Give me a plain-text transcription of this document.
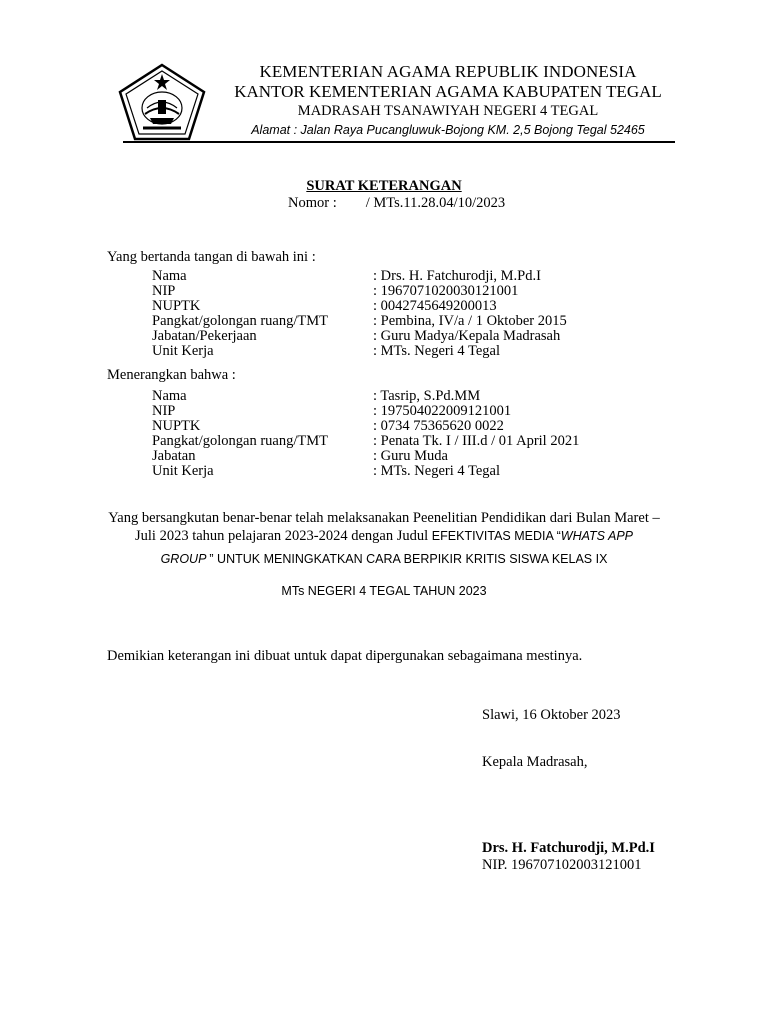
KEMENTERIAN AGAMA REPUBLIK INDONESIA
KANTOR KEMENTERIAN AGAMA KABUPATEN TEGAL
MADRASAH TSANAWIYAH NEGERI 4 TEGAL
Alamat : Jalan Raya Pucangluwuk-Bojong KM. 2,5 Bojong Tegal 52465
SURAT KETERANGAN
Nomor :        / MTs.11.28.04/10/2023
Yang bertanda tangan di bawah ini :
Nama	: Drs. H. Fatchurodji, M.Pd.I
NIP	: 196707102003012100​1
NUPTK	: 0042745649200013
Pangkat/golongan ruang/TMT	: Pembina, IV/a / 1 Oktober 2015
Jabatan/Pekerjaan	: Guru Madya/Kepala Madrasah
Unit Kerja	: MTs. Negeri 4 Tegal
Menerangkan bahwa :
Nama	: Tasrip, S.Pd.MM
NIP	: 197504022009121001
NUPTK	: 0734 75365620 0022
Pangkat/golongan ruang/TMT	: Penata Tk. I / III.d / 01 April 2021
Jabatan	: Guru Muda
Unit Kerja	: MTs. Negeri 4 Tegal
Yang bersangkutan benar-benar telah melaksanakan Peenelitian Pendidikan dari Bulan Maret –
Juli 2023 tahun pelajaran 2023-2024 dengan Judul EFEKTIVITAS MEDIA “WHATS APP
GROUP ” UNTUK MENINGKATKAN CARA BERPIKIR KRITIS SISWA KELAS IX
MTs NEGERI 4 TEGAL TAHUN 2023
Demikian keterangan ini dibuat untuk dapat dipergunakan sebagaimana mestinya.
Slawi, 16 Oktober 2023
Kepala Madrasah,
Drs. H. Fatchurodji, M.Pd.I
NIP. 196707102003121001
